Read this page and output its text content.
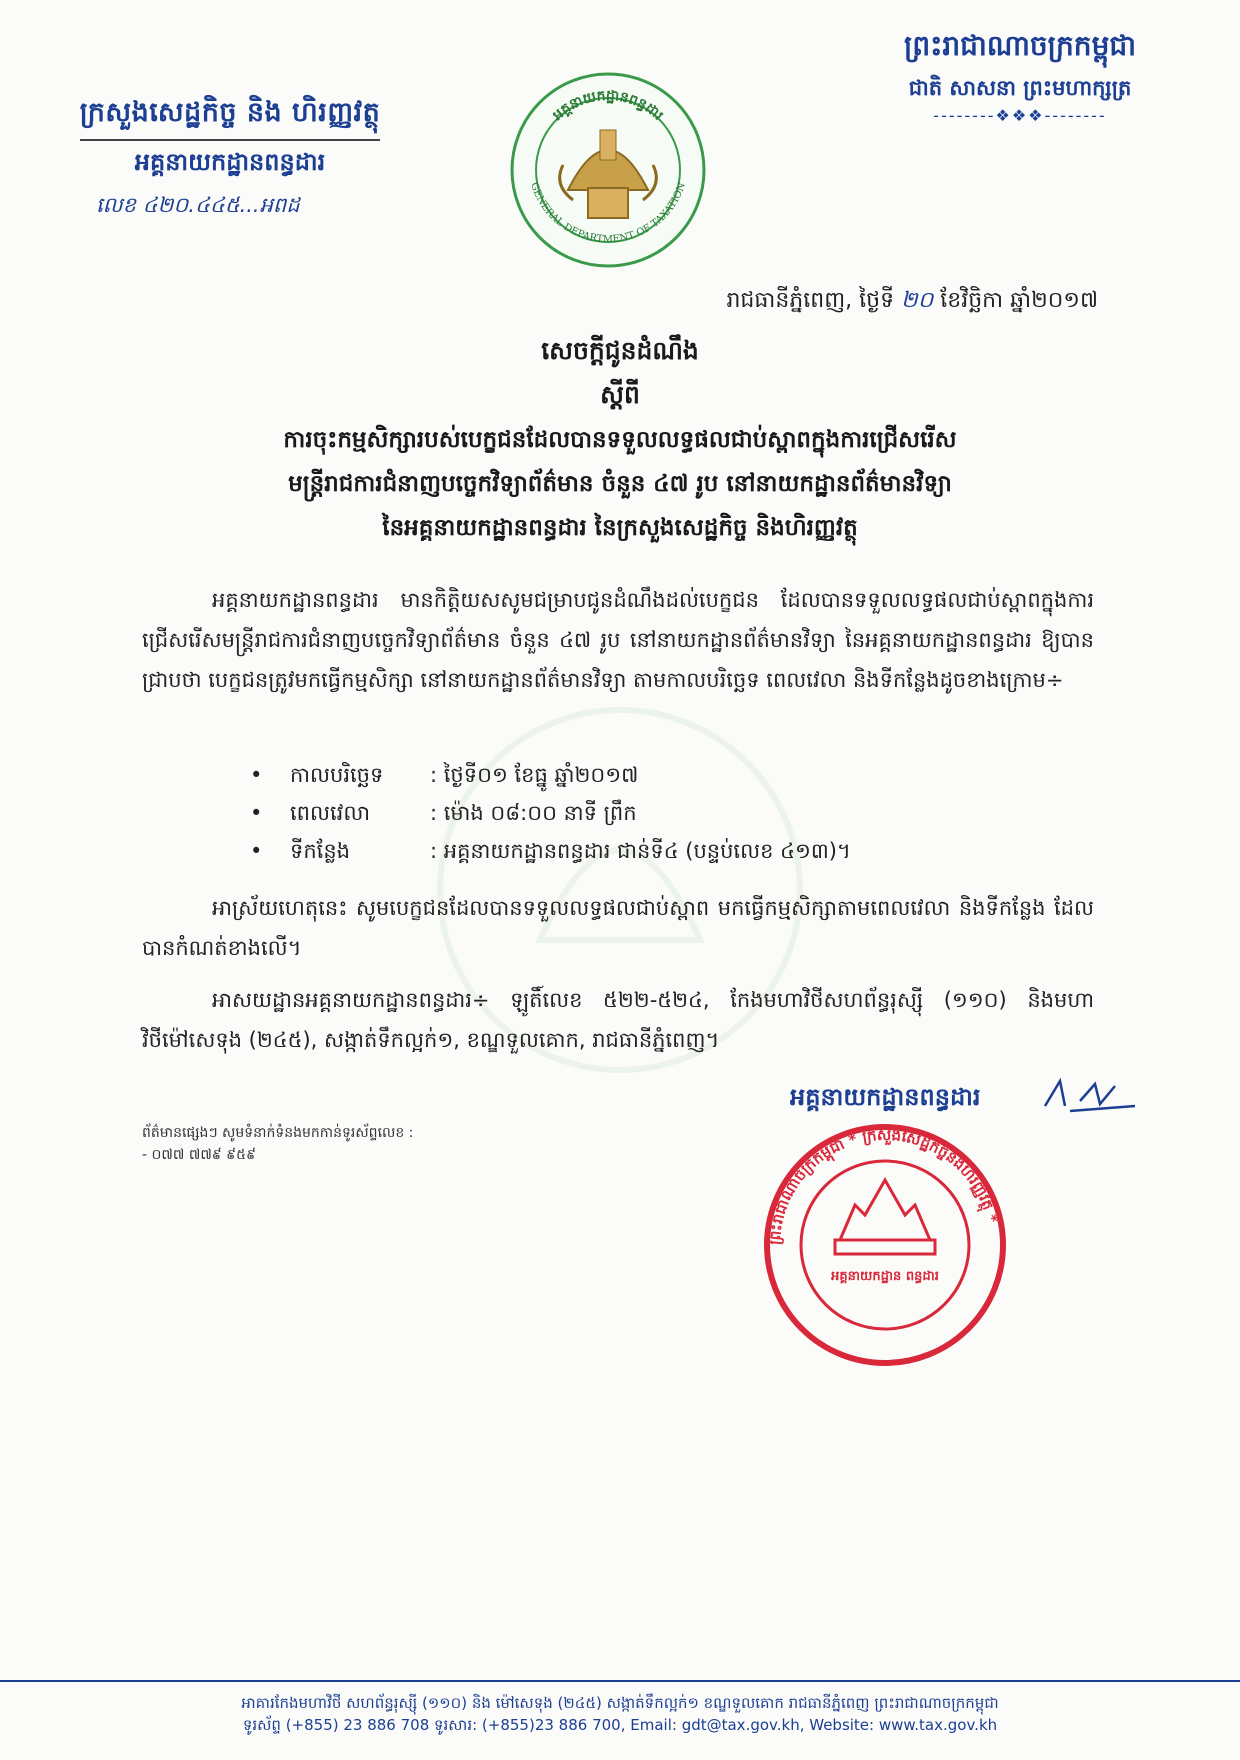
ក្រសួងសេដ្ឋកិច្ច និង ហិរញ្ញវត្ថុ
អគ្គនាយកដ្ឋានពន្ធដារ
លេខ ៤២០.៤៤៥...អពដ
អគ្គនាយកដ្ឋានពន្ធដារ
GENERAL DEPARTMENT OF TAXATION
ព្រះរាជាណាចក្រកម្ពុជា
ជាតិ សាសនា ព្រះមហាក្សត្រ
--------❖❖❖--------
រាជធានីភ្នំពេញ, ថ្ងៃទី ២០ ខែវិច្ឆិកា ឆ្នាំ២០១៧
សេចក្តីជូនដំណឹង
ស្តីពី
ការចុះកម្មសិក្សារបស់បេក្ខជនដែលបានទទួលលទ្ធផលជាប់ស្ពាពក្នុងការជ្រើសរើស
មន្ត្រីរាជការជំនាញបច្ចេកវិទ្យាព័ត៌មាន ចំនួន ៤៧ រូប នៅនាយកដ្ឋានព័ត៌មានវិទ្យា
នៃអគ្គនាយកដ្ឋានពន្ធដារ នៃក្រសួងសេដ្ឋកិច្ច និងហិរញ្ញវត្ថុ
អគ្គនាយកដ្ឋានពន្ធដារ មានកិត្តិយសសូមជម្រាបជូនដំណឹងដល់បេក្ខជន ដែលបានទទួលលទ្ធផលជាប់ស្ពាពក្នុងការជ្រើសរើសមន្ត្រីរាជការជំនាញបច្ចេកវិទ្យាព័ត៌មាន ចំនួន ៤៧ រូប នៅនាយកដ្ឋានព័ត៌មានវិទ្យា នៃអគ្គនាយកដ្ឋានពន្ធដារ ឱ្យបានជ្រាបថា បេក្ខជនត្រូវមកធ្វើកម្មសិក្សា នៅនាយកដ្ឋានព័ត៌មានវិទ្យា តាមកាលបរិច្ឆេទ ពេលវេលា និងទីកន្លែងដូចខាងក្រោម÷
•	កាលបរិច្ឆេទ	: ថ្ងៃទី០១ ខែធ្នូ ឆ្នាំ២០១៧
•	ពេលវេលា	: ម៉ោង ០៨:០០ នាទី ព្រឹក
•	ទីកន្លែង	: អគ្គនាយកដ្ឋានពន្ធដារ ជាន់ទី៤ (បន្ទប់លេខ ៤១៣)។
អាស្រ័យហេតុនេះ សូមបេក្ខជនដែលបានទទួលលទ្ធផលជាប់ស្ពាព មកធ្វើកម្មសិក្សាតាមពេលវេលា និងទីកន្លែង ដែលបានកំណត់ខាងលើ។
អាសយដ្ឋានអគ្គនាយកដ្ឋានពន្ធដារ÷ ឡូតិ៍លេខ ៥២២-៥២៤, កែងមហាវិថីសហព័ន្ធរុស្ស៊ី (១១០) និងមហាវិថីម៉ៅសេទុង (២៤៥), សង្កាត់ទឹកល្អក់១, ខណ្ឌទួលគោក, រាជធានីភ្នំពេញ។
អគ្គនាយកដ្ឋានពន្ធដារ
ព័ត៌មានផ្សេងៗ សូមទំនាក់ទំនងមកកាន់ទូរស័ព្ទលេខ :
- ០៧៧ ៧៧៩ ៩៥៩
ព្រះរាជាណាចក្រកម្ពុជា * ក្រសួងសេដ្ឋកិច្ចនិងហិរញ្ញវត្ថុ *
អគ្គនាយកដ្ឋាន ពន្ធដារ
អាគារកែងមហាវិថី សហព័ន្ធរុស្ស៊ី (១១០) និង ម៉ៅសេទុង (២៤៥) សង្កាត់ទឹកល្អក់១ ខណ្ឌទួលគោក រាជធានីភ្នំពេញ ព្រះរាជាណាចក្រកម្ពុជា
ទូរស័ព្ទ (+855) 23 886 708 ទូរសារ: (+855)23 886 700, Email: gdt@tax.gov.kh, Website: www.tax.gov.kh
